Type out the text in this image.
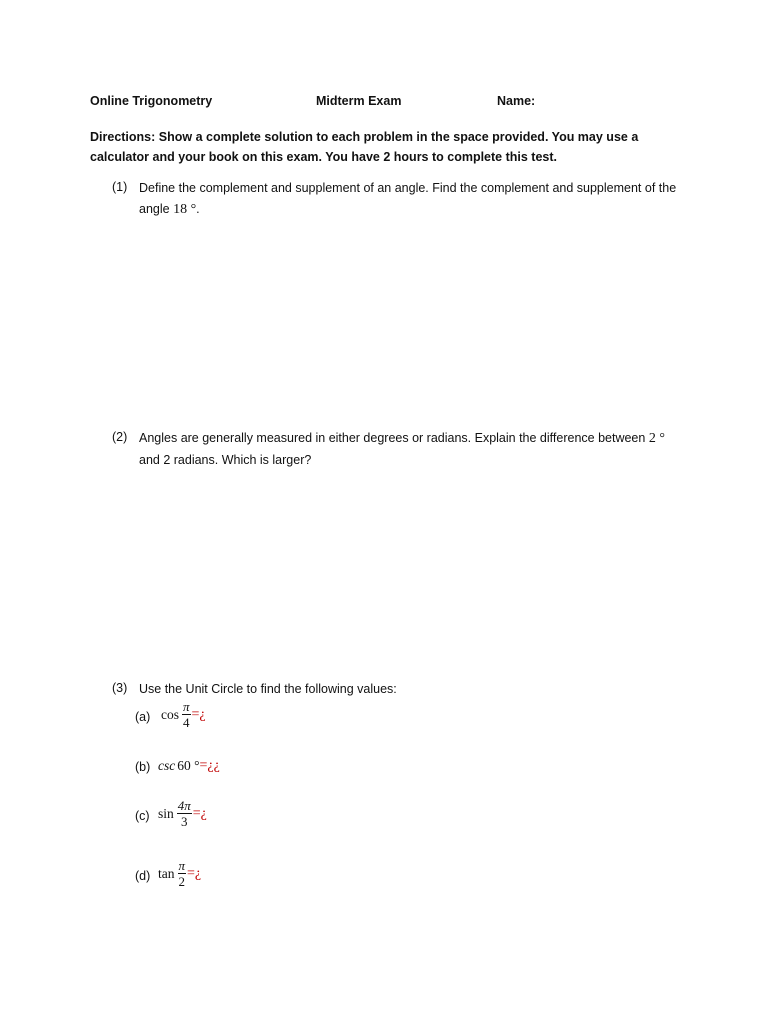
Online Trigonometry	Midterm Exam	Name:
Directions: Show a complete solution to each problem in the space provided. You may use a calculator and your book on this exam. You have 2 hours to complete this test.
(1) Define the complement and supplement of an angle. Find the complement and supplement of the angle 18 °.
(2) Angles are generally measured in either degrees or radians. Explain the difference between 2 ° and 2 radians. Which is larger?
(3) Use the Unit Circle to find the following values:
(a) $\cos \frac{\pi}{4}$ =¿
(b) csc 60 ° =¿¿
(c) $\sin \frac{4\pi}{3}$ =¿
(d) $\tan \frac{\pi}{2}$ =¿
